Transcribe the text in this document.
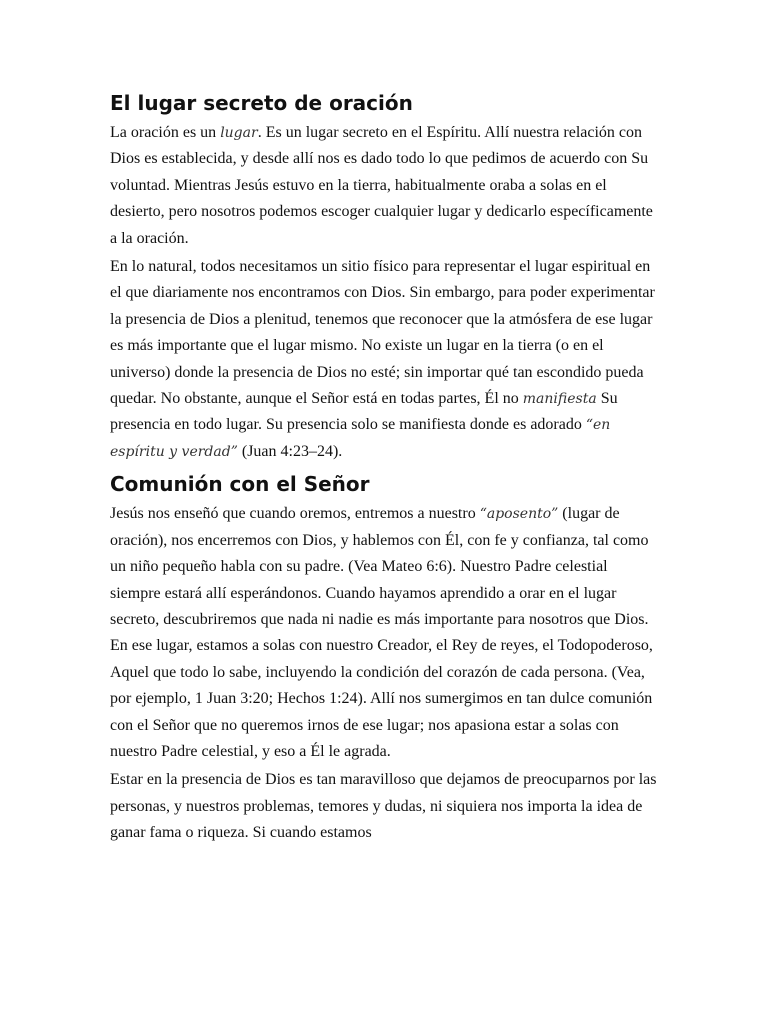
El lugar secreto de oración

La oración es un lugar. Es un lugar secreto en el Espíritu. Allí nuestra relación con Dios es establecida, y desde allí nos es dado todo lo que pedimos de acuerdo con Su voluntad. Mientras Jesús estuvo en la tierra, habitualmente oraba a solas en el desierto, pero nosotros podemos escoger cualquier lugar y dedicarlo específicamente a la oración.

En lo natural, todos necesitamos un sitio físico para representar el lugar espiritual en el que diariamente nos encontramos con Dios. Sin embargo, para poder experimentar la presencia de Dios a plenitud, tenemos que reconocer que la atmósfera de ese lugar es más importante que el lugar mismo. No existe un lugar en la tierra (o en el universo) donde la presencia de Dios no esté; sin importar qué tan escondido pueda quedar. No obstante, aunque el Señor está en todas partes, Él no manifiesta Su presencia en todo lugar. Su presencia solo se manifiesta donde es adorado “en espíritu y verdad” (Juan 4:23–24).

Comunión con el Señor

Jesús nos enseñó que cuando oremos, entremos a nuestro “aposento” (lugar de oración), nos encerremos con Dios, y hablemos con Él, con fe y confianza, tal como un niño pequeño habla con su padre. (Vea Mateo 6:6). Nuestro Padre celestial siempre estará allí esperándonos. Cuando hayamos aprendido a orar en el lugar secreto, descubriremos que nada ni nadie es más importante para nosotros que Dios. En ese lugar, estamos a solas con nuestro Creador, el Rey de reyes, el Todopoderoso, Aquel que todo lo sabe, incluyendo la condición del corazón de cada persona. (Vea, por ejemplo, 1 Juan 3:20; Hechos 1:24). Allí nos sumergimos en tan dulce comunión con el Señor que no queremos irnos de ese lugar; nos apasiona estar a solas con nuestro Padre celestial, y eso a Él le agrada.

Estar en la presencia de Dios es tan maravilloso que dejamos de preocuparnos por las personas, y nuestros problemas, temores y dudas, ni siquiera nos importa la idea de ganar fama o riqueza. Si cuando estamos
